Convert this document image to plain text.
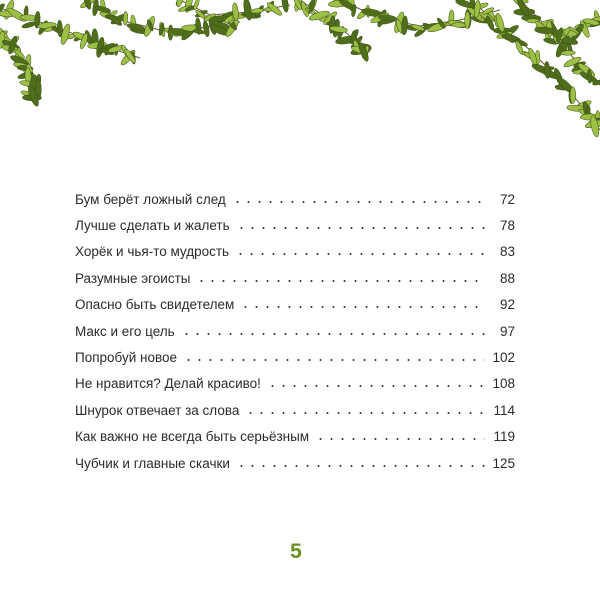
Бум берёт ложный след	72
Лучше сделать и жалеть	78
Хорёк и чья-то мудрость	83
Разумные эгоисты	88
Опасно быть свидетелем	92
Макс и его цель	97
Попробуй новое	102
Не нравится? Делай красиво!	108
Шнурок отвечает за слова	114
Как важно не всегда быть серьёзным	119
Чубчик и главные скачки	125
5
